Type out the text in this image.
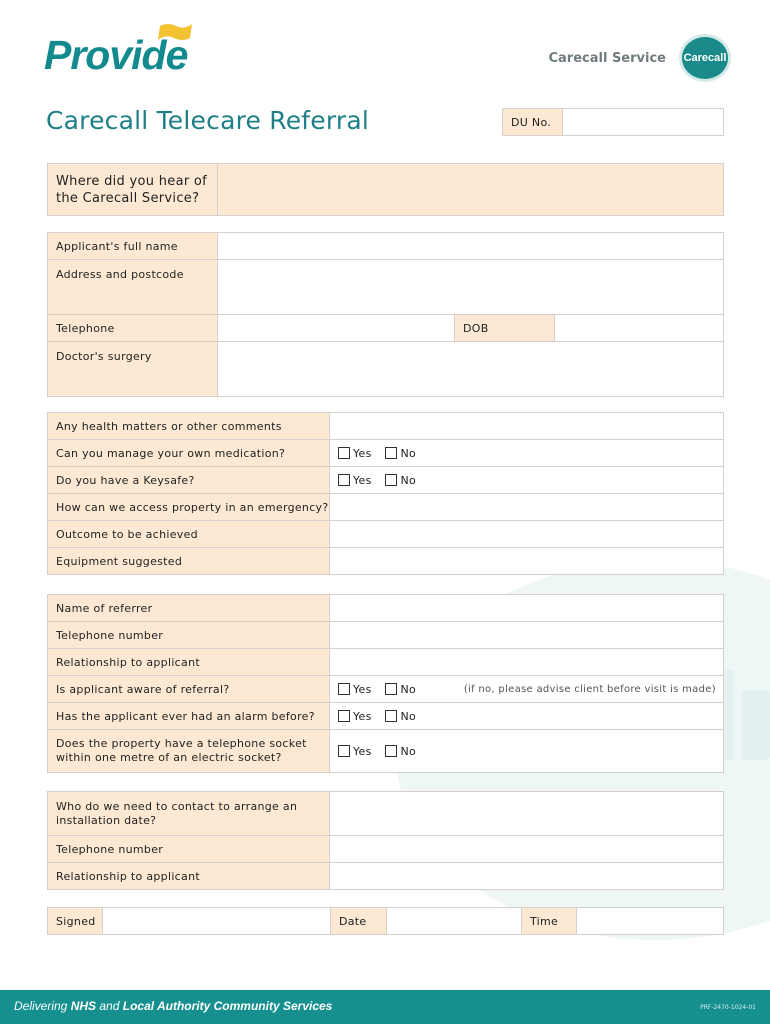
Provide	Carecall Service	Carecall
Carecall Telecare Referral	DU No.	
Where did you hear of the Carecall Service?	
Applicant's full name			
Address and postcode			
Telephone		DOB	
Doctor's surgery			
Any health matters or other comments	
Can you manage your own medication?	Yes No
Do you have a Keysafe?	Yes No
How can we access property in an emergency?	
Outcome to be achieved	
Equipment suggested	
Name of referrer	
Telephone number	
Relationship to applicant	
Is applicant aware of referral?	Yes No (if no, please advise client before visit is made)
Has the applicant ever had an alarm before?	Yes No
Does the property have a telephone socket within one metre of an electric socket?	Yes No
Who do we need to contact to arrange an installation date?	
Telephone number	
Relationship to applicant	
Signed		Date		Time	
Delivering NHS and Local Authority Community Services	PRF-2470-1024-01
